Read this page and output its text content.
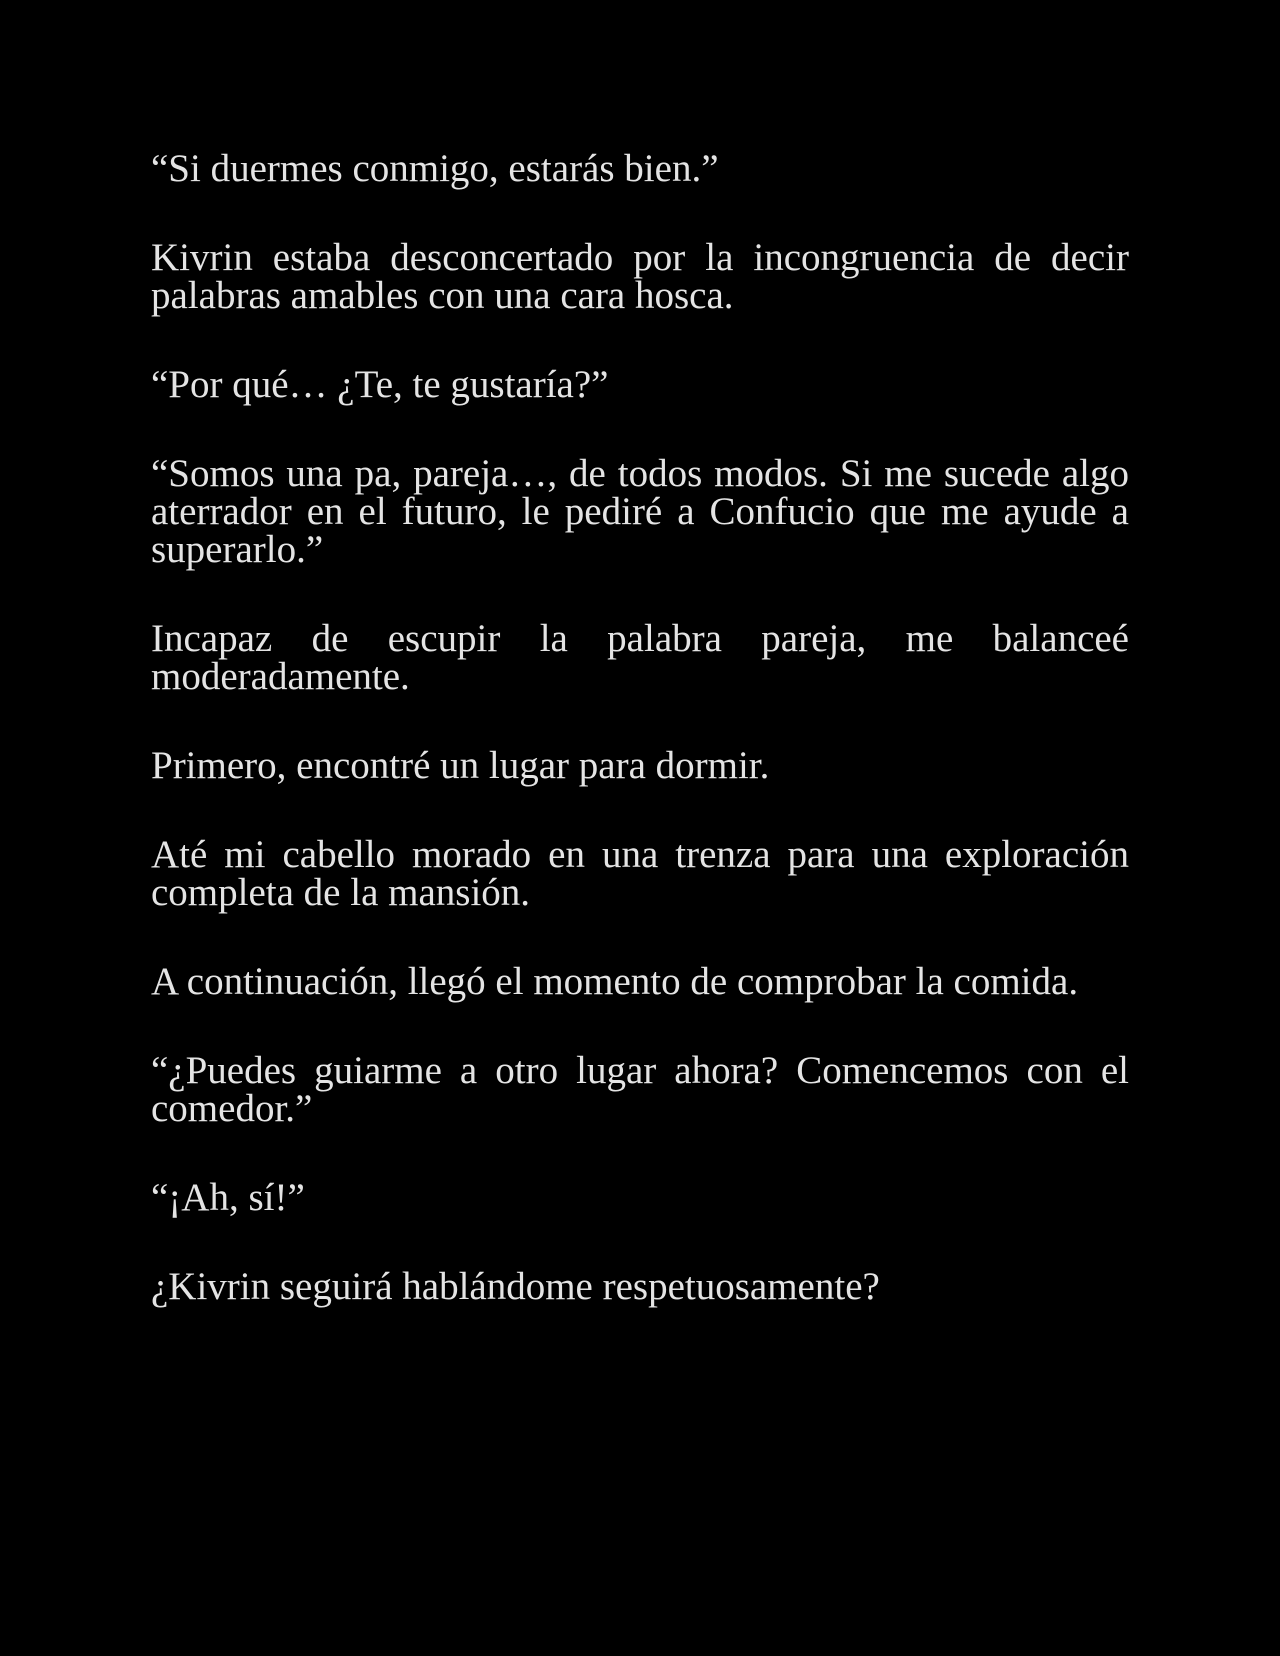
“Si duermes conmigo, estarás bien.”

Kivrin estaba desconcertado por la incongruencia de decir palabras amables con una cara hosca.

“Por qué… ¿Te, te gustaría?”

“Somos una pa, pareja…, de todos modos. Si me sucede algo aterrador en el futuro, le pediré a Confucio que me ayude a superarlo.”

Incapaz de escupir la palabra pareja, me balanceé moderadamente.

Primero, encontré un lugar para dormir.

Até mi cabello morado en una trenza para una exploración completa de la mansión.

A continuación, llegó el momento de comprobar la comida.

“¿Puedes guiarme a otro lugar ahora? Comencemos con el comedor.”

“¡Ah, sí!”

¿Kivrin seguirá hablándome respetuosamente?
